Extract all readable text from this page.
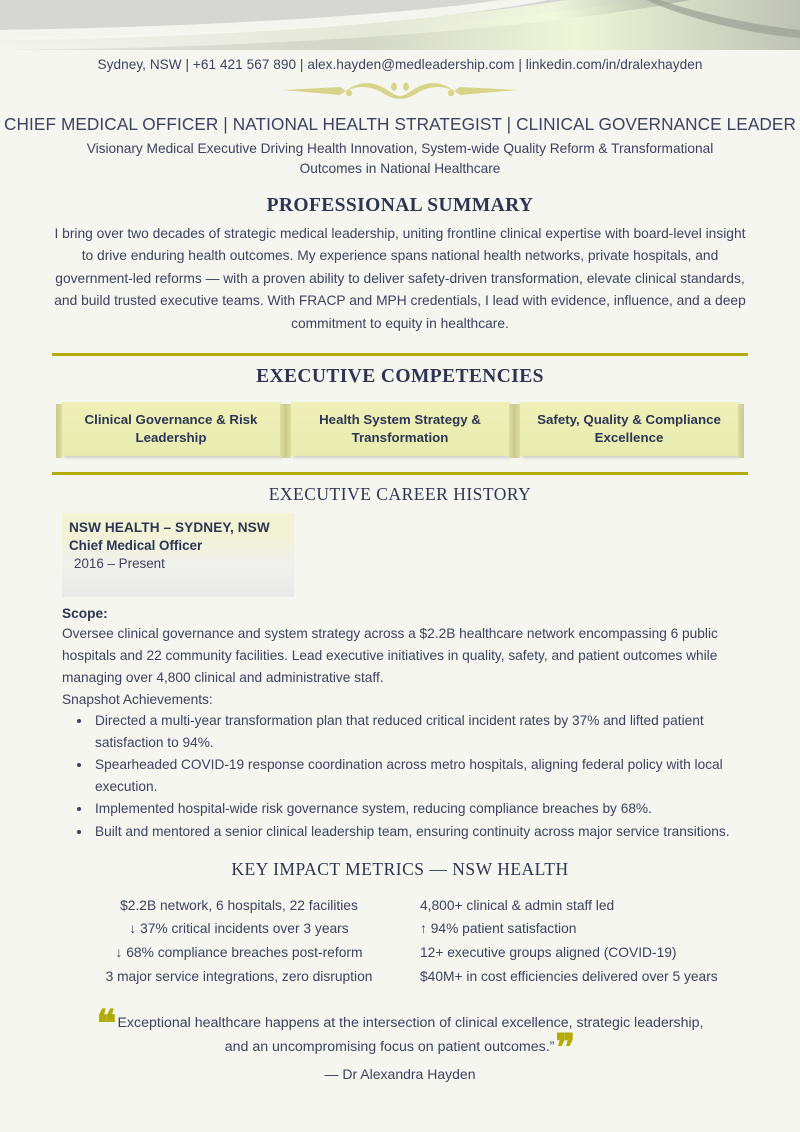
Sydney, NSW | +61 421 567 890 | alex.hayden@medleadership.com | linkedin.com/in/dralexhayden
CHIEF MEDICAL OFFICER | NATIONAL HEALTH STRATEGIST | CLINICAL GOVERNANCE LEADER
Visionary Medical Executive Driving Health Innovation, System-wide Quality Reform & Transformational Outcomes in National Healthcare
PROFESSIONAL SUMMARY
I bring over two decades of strategic medical leadership, uniting frontline clinical expertise with board-level insight to drive enduring health outcomes. My experience spans national health networks, private hospitals, and government-led reforms — with a proven ability to deliver safety-driven transformation, elevate clinical standards, and build trusted executive teams. With FRACP and MPH credentials, I lead with evidence, influence, and a deep commitment to equity in healthcare.
EXECUTIVE COMPETENCIES
Clinical Governance & Risk Leadership
Health System Strategy & Transformation
Safety, Quality & Compliance Excellence
EXECUTIVE CAREER HISTORY
NSW HEALTH – SYDNEY, NSW
Chief Medical Officer
2016 – Present
Scope:
Oversee clinical governance and system strategy across a $2.2B healthcare network encompassing 6 public hospitals and 22 community facilities. Lead executive initiatives in quality, safety, and patient outcomes while managing over 4,800 clinical and administrative staff.
Snapshot Achievements:
• Directed a multi-year transformation plan that reduced critical incident rates by 37% and lifted patient satisfaction to 94%.
• Spearheaded COVID-19 response coordination across metro hospitals, aligning federal policy with local execution.
• Implemented hospital-wide risk governance system, reducing compliance breaches by 68%.
• Built and mentored a senior clinical leadership team, ensuring continuity across major service transitions.
KEY IMPACT METRICS — NSW HEALTH
$2.2B network, 6 hospitals, 22 facilities
↓ 37% critical incidents over 3 years
↓ 68% compliance breaches post-reform
3 major service integrations, zero disruption
4,800+ clinical & admin staff led
↑ 94% patient satisfaction
12+ executive groups aligned (COVID-19)
$40M+ in cost efficiencies delivered over 5 years
❝Exceptional healthcare happens at the intersection of clinical excellence, strategic leadership, and an uncompromising focus on patient outcomes.”❞
— Dr Alexandra Hayden
